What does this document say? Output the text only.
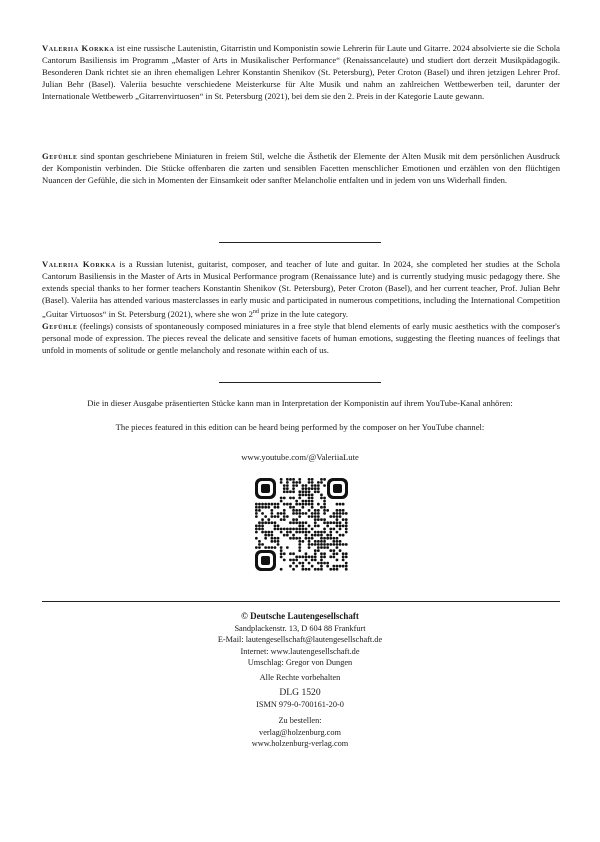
Valeriia Korkka ist eine russische Lautenistin, Gitarristin und Komponistin sowie Lehrerin für Laute und Gitarre. 2024 absolvierte sie die Schola Cantorum Basiliensis im Programm „Master of Arts in Musikalischer Performance“ (Renaissancelaute) und studiert dort derzeit Musikpädagogik. Besonderen Dank richtet sie an ihren ehemaligen Lehrer Konstantin Shenikov (St. Petersburg), Peter Croton (Basel) und ihren jetzigen Lehrer Prof. Julian Behr (Basel). Valeriia besuchte verschiedene Meisterkurse für Alte Musik und nahm an zahlreichen Wettbewerben teil, darunter der Internationale Wettbewerb „Gitarrenvirtuosen“ in St. Petersburg (2021), bei dem sie den 2. Preis in der Kategorie Laute gewann.

Gefühle sind spontan geschriebene Miniaturen in freiem Stil, welche die Ästhetik der Elemente der Alten Musik mit dem persönlichen Ausdruck der Komponistin verbinden. Die Stücke offenbaren die zarten und sensiblen Facetten menschlicher Emotionen und erzählen von den flüchtigen Nuancen der Gefühle, die sich in Momenten der Einsamkeit oder sanfter Melancholie entfalten und in jedem von uns Widerhall finden.

Valeriia Korkka is a Russian lutenist, guitarist, composer, and teacher of lute and guitar. In 2024, she completed her studies at the Schola Cantorum Basiliensis in the Master of Arts in Musical Performance program (Renaissance lute) and is currently studying music pedagogy there. She extends special thanks to her former teachers Konstantin Shenikov (St. Petersburg), Peter Croton (Basel), and her current teacher, Prof. Julian Behr (Basel). Valeriia has attended various masterclasses in early music and participated in numerous competitions, including the International Competition „Guitar Virtuosos“ in St. Petersburg (2021), where she won 2nd prize in the lute category.

Gefühle (feelings) consists of spontaneously composed miniatures in a free style that blend elements of early music aesthetics with the composer's personal mode of expression. The pieces reveal the delicate and sensitive facets of human emotions, suggesting the fleeting nuances of feelings that unfold in moments of solitude or gentle melancholy and resonate within each of us.

Die in dieser Ausgabe präsentierten Stücke kann man in Interpretation der Komponistin auf ihrem YouTube-Kanal anhören:
The pieces featured in this edition can be heard being performed by the composer on her YouTube channel:
www.youtube.com/@ValeriiaLute
© Deutsche Lautengesellschaft
Sandplackenstr. 13, D 604 88 Frankfurt
E-Mail: lautengesellschaft@lautengesellschaft.de
Internet: www.lautengesellschaft.de
Umschlag: Gregor von Dungen
Alle Rechte vorbehalten
DLG 1520
ISMN 979-0-700161-20-0
Zu bestellen:
verlag@holzenburg.com
www.holzenburg-verlag.com
